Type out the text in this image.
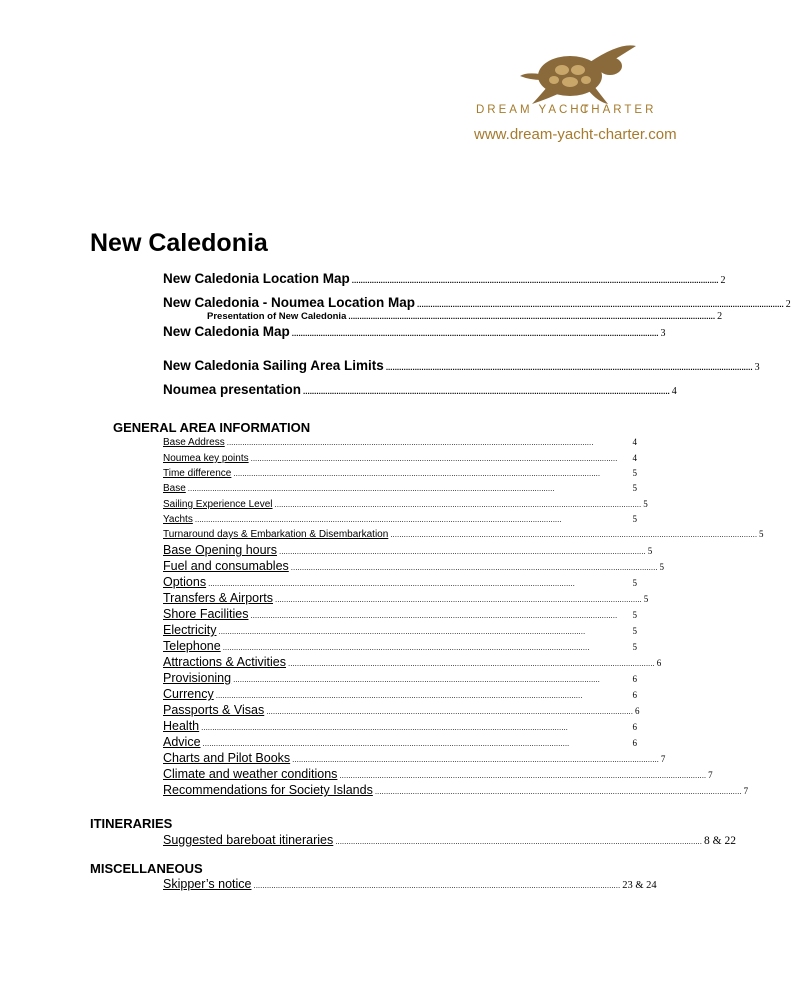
DREAM YACHT
CHARTER
www.dream-yacht-charter.com
New Caledonia
New Caledonia Location Map ..................................................................................................................................................................... 2
New Caledonia - Noumea Location Map ..................................................................................................................................................................... 2
Presentation of New Caledonia ..................................................................................................................................................................... 2
New Caledonia Map ..................................................................................................................................................................... 3
New Caledonia Sailing Area Limits ..................................................................................................................................................................... 3
Noumea presentation ..................................................................................................................................................................... 4
GENERAL AREA INFORMATION
Base Address .....................................................................................................................................................................	4
Noumea key points .....................................................................................................................................................................	4
Time difference .....................................................................................................................................................................	5
Base .....................................................................................................................................................................	5
Sailing Experience Level ..................................................................................................................................................................... 5
Yachts .....................................................................................................................................................................	5
Turnaround days & Embarkation & Disembarkation ..................................................................................................................................................................... 5
Base Opening hours ..................................................................................................................................................................... 5
Fuel and consumables ..................................................................................................................................................................... 5
Options .....................................................................................................................................................................	5
Transfers & Airports ..................................................................................................................................................................... 5
Shore Facilities .....................................................................................................................................................................	5
Electricity .....................................................................................................................................................................	5
Telephone .....................................................................................................................................................................	5
Attractions & Activities ..................................................................................................................................................................... 6
Provisioning .....................................................................................................................................................................	6
Currency .....................................................................................................................................................................	6
Passports & Visas ..................................................................................................................................................................... 6
Health .....................................................................................................................................................................	6
Advice .....................................................................................................................................................................	6
Charts and Pilot Books ..................................................................................................................................................................... 7
Climate and weather conditions ..................................................................................................................................................................... 7
Recommendations for Society Islands ..................................................................................................................................................................... 7
ITINERARIES
Suggested bareboat itineraries ..................................................................................................................................................................... 8 & 22
MISCELLANEOUS
Skipper’s notice ..................................................................................................................................................................... 23 & 24
